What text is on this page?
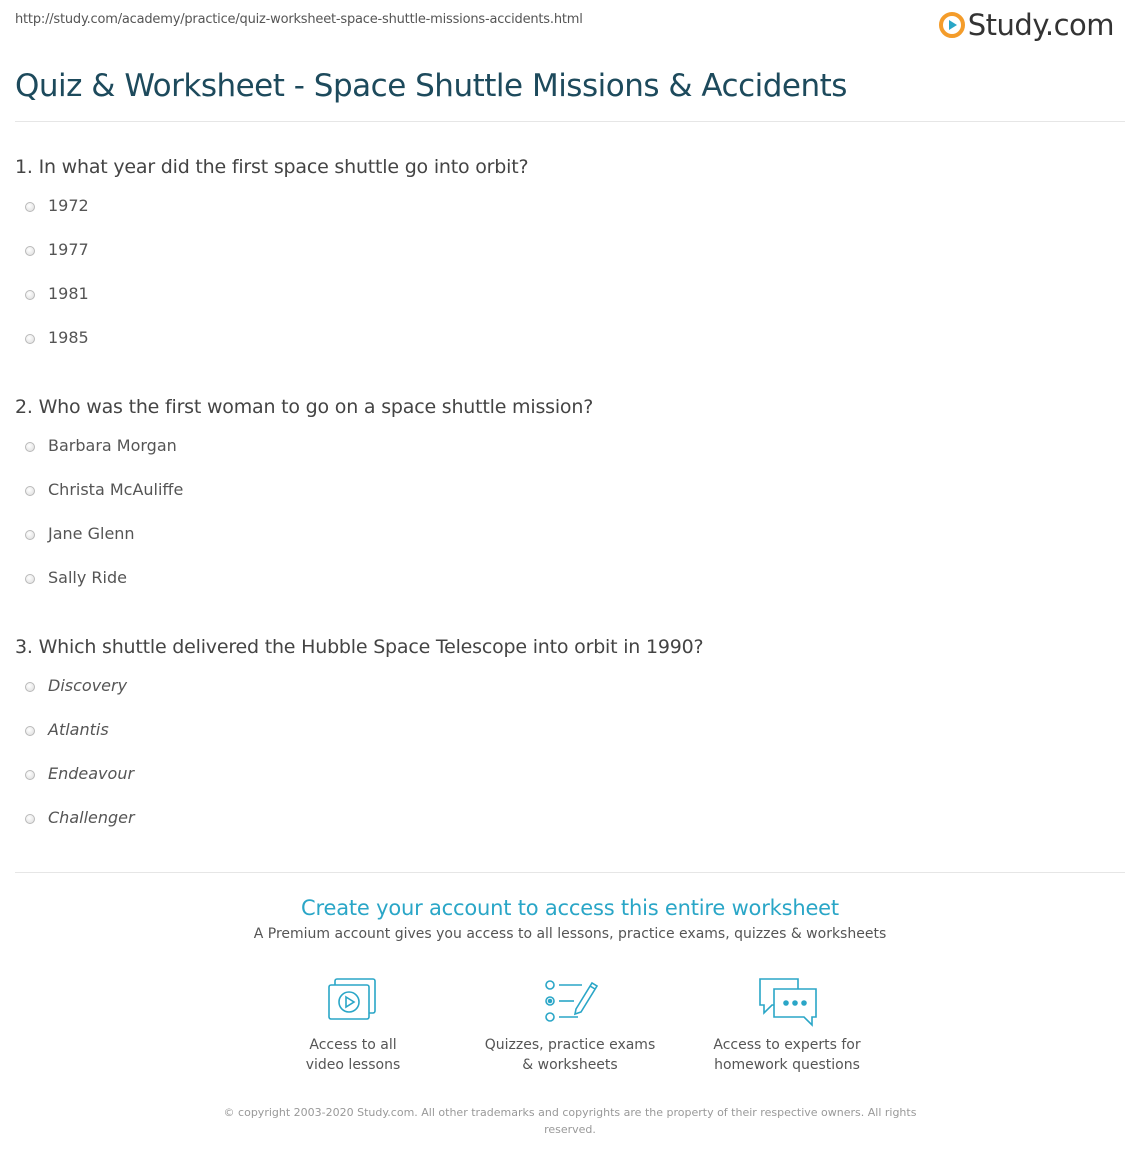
http://study.com/academy/practice/quiz-worksheet-space-shuttle-missions-accidents.html	Study.com
Quiz & Worksheet - Space Shuttle Missions & Accidents
1. In what year did the first space shuttle go into orbit?
1972
1977
1981
1985
2. Who was the first woman to go on a space shuttle mission?
Barbara Morgan
Christa McAuliffe
Jane Glenn
Sally Ride
3. Which shuttle delivered the Hubble Space Telescope into orbit in 1990?
Discovery
Atlantis
Endeavour
Challenger
Create your account to access this entire worksheet
A Premium account gives you access to all lessons, practice exams, quizzes & worksheets
Access to all
video lessons
Quizzes, practice exams
& worksheets
Access to experts for
homework questions
© copyright 2003-2020 Study.com. All other trademarks and copyrights are the property of their respective owners. All rights reserved.
